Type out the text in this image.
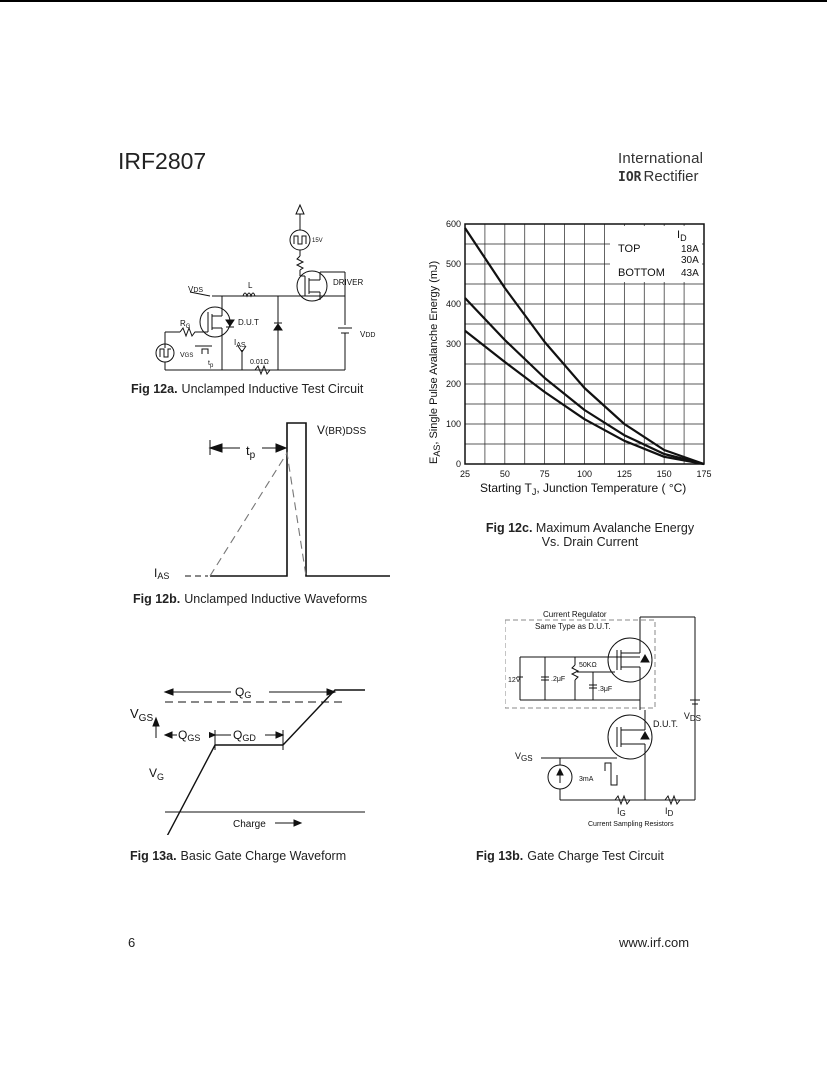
IRF2807	International
IOR Rectifier
15V
DRIVER
VDS
L
$R_G$	D.U.T
VDD
VGS
IAS
tp	0.01Ω
Fig 12a. Unclamped Inductive Test Circuit
$t_p$
V(BR)DSS
IAS
Fig 12b. Unclamped Inductive Waveforms
25	50	75	100	125	150	175
0
100
200
300
400
500
600
$I_D$
TOP	18A
30A
BOTTOM 43A
Starting $T_J$, Junction Temperature ( °C)
$E_{AS}$, Single Pulse Avalanche Energy (mJ)
Fig 12c. Maximum Avalanche Energy
Vs. Drain Current
QG
QGS	QGD
$V_{GS}$
$V_G$
Charge
Fig 13a. Basic Gate Charge Waveform
Current Regulator
Same Type as D.U.T.
50KΩ
12V	.2μF
.3μF
D.U.T.
VDS
VGS
3mA
IG	ID
Current Sampling Resistors
Fig 13b. Gate Charge Test Circuit
6	www.irf.com
